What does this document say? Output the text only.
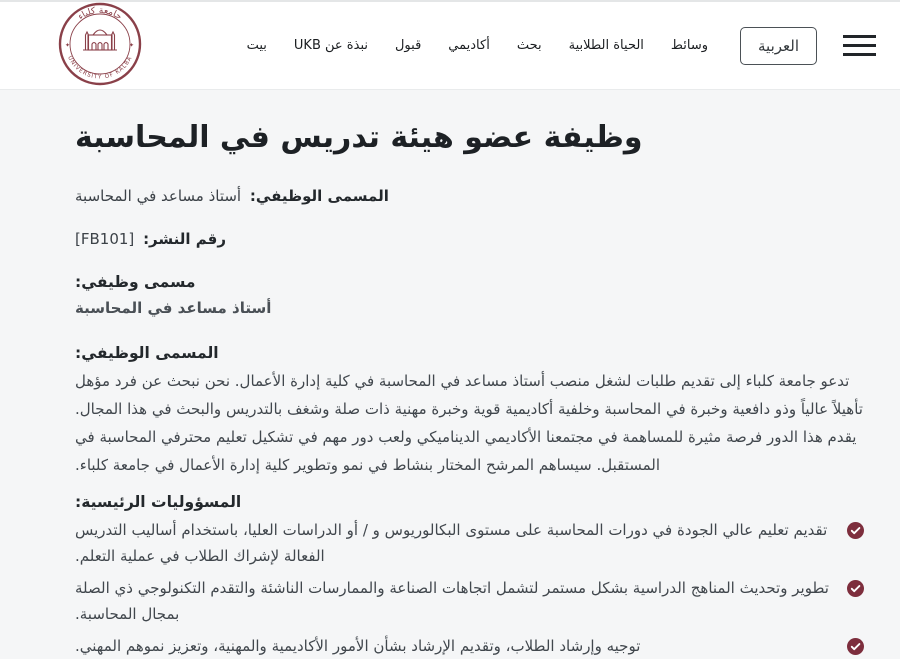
جامعة كلباء
UNIVERSITY OF KALBA
✦	✦	بيت نبذة عن UKB قبول أكاديمي بحث الحياة الطلابية وسائط	العربية
وظيفة عضو هيئة تدريس في المحاسبة

المسمى الوظيفي: أستاذ مساعد في المحاسبة

رقم النشر: [FB101]

مسمى وظيفي:

أستاذ مساعد في المحاسبة

المسمى الوظيفي:

تدعو جامعة كلباء إلى تقديم طلبات لشغل منصب أستاذ مساعد في المحاسبة في كلية إدارة الأعمال. نحن نبحث عن فرد مؤهل تأهيلاً عالياً وذو دافعية وخبرة في المحاسبة وخلفية أكاديمية قوية وخبرة مهنية ذات صلة وشغف بالتدريس والبحث في هذا المجال. يقدم هذا الدور فرصة مثيرة للمساهمة في مجتمعنا الأكاديمي الديناميكي ولعب دور مهم في تشكيل تعليم محترفي المحاسبة في المستقبل. سيساهم المرشح المختار بنشاط في نمو وتطوير كلية إدارة الأعمال في جامعة كلباء.

المسؤوليات الرئيسية:
تقديم تعليم عالي الجودة في دورات المحاسبة على مستوى البكالوريوس و / أو الدراسات العليا، باستخدام أساليب التدريس الفعالة لإشراك الطلاب في عملية التعلم.
تطوير وتحديث المناهج الدراسية بشكل مستمر لتشمل اتجاهات الصناعة والممارسات الناشئة والتقدم التكنولوجي ذي الصلة بمجال المحاسبة.
توجيه وإرشاد الطلاب، وتقديم الإرشاد بشأن الأمور الأكاديمية والمهنية، وتعزيز نموهم المهني.
